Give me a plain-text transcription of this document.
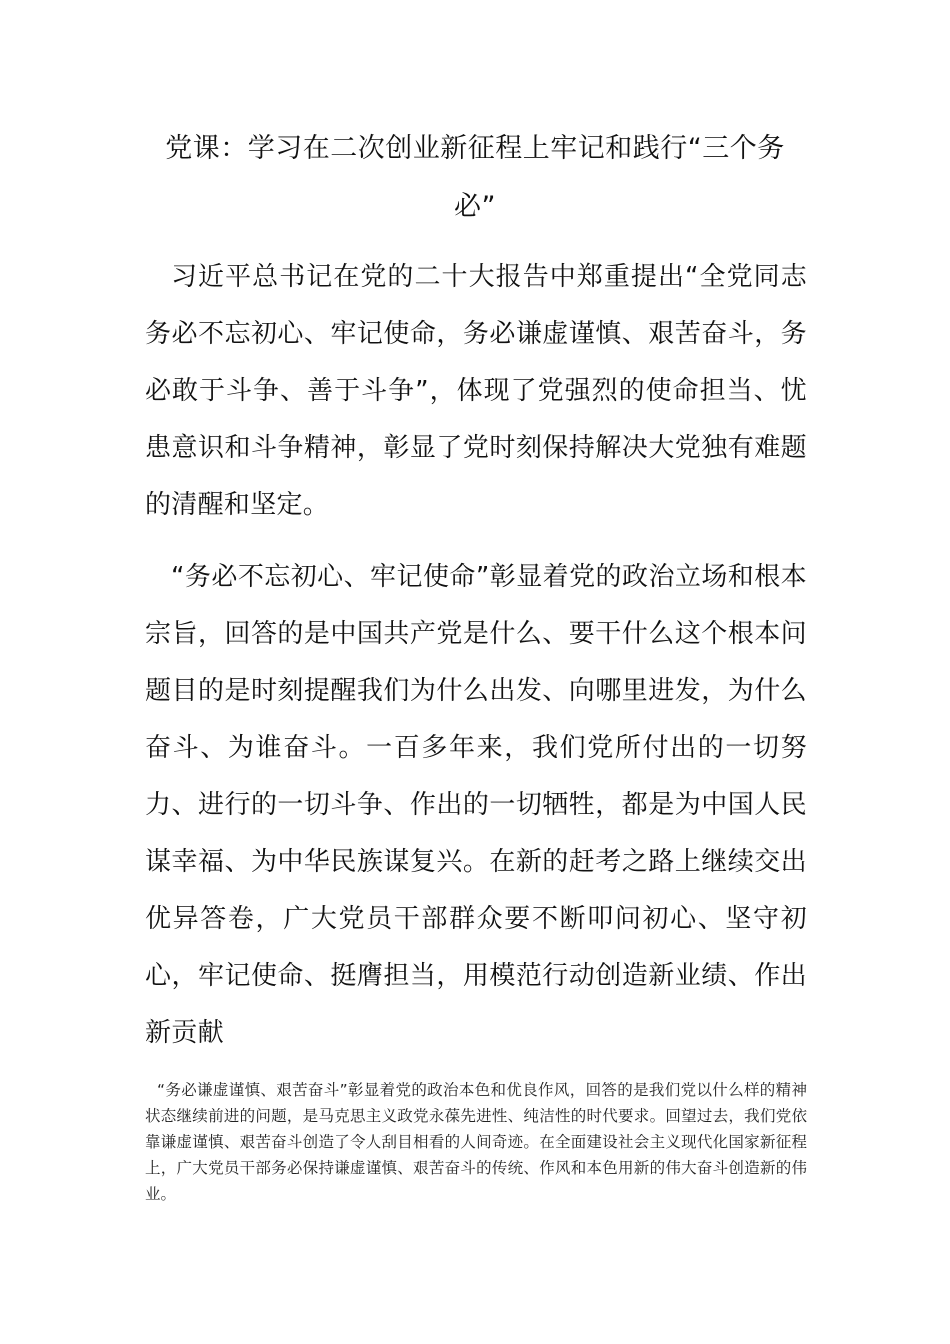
党课：学习在二次创业新征程上牢记和践行“三个务必”

习近平总书记在党的二十大报告中郑重提出“全党同志务必不忘初心、牢记使命，务必谦虚谨慎、艰苦奋斗，务必敢于斗争、善于斗争”，体现了党强烈的使命担当、忧患意识和斗争精神，彰显了党时刻保持解决大党独有难题的清醒和坚定。

“务必不忘初心、牢记使命”彰显着党的政治立场和根本宗旨，回答的是中国共产党是什么、要干什么这个根本问题目的是时刻提醒我们为什么出发、向哪里进发，为什么奋斗、为谁奋斗。一百多年来，我们党所付出的一切努力、进行的一切斗争、作出的一切牺牲，都是为中国人民谋幸福、为中华民族谋复兴。在新的赶考之路上继续交出优异答卷，广大党员干部群众要不断叩问初心、坚守初心，牢记使命、挺膺担当，用模范行动创造新业绩、作出新贡献

“务必谦虚谨慎、艰苦奋斗”彰显着党的政治本色和优良作风，回答的是我们党以什么样的精神状态继续前进的问题，是马克思主义政党永葆先进性、纯洁性的时代要求。回望过去，我们党依靠谦虚谨慎、艰苦奋斗创造了令人刮目相看的人间奇迹。在全面建设社会主义现代化国家新征程上，广大党员干部务必保持谦虚谨慎、艰苦奋斗的传统、作风和本色用新的伟大奋斗创造新的伟业。
